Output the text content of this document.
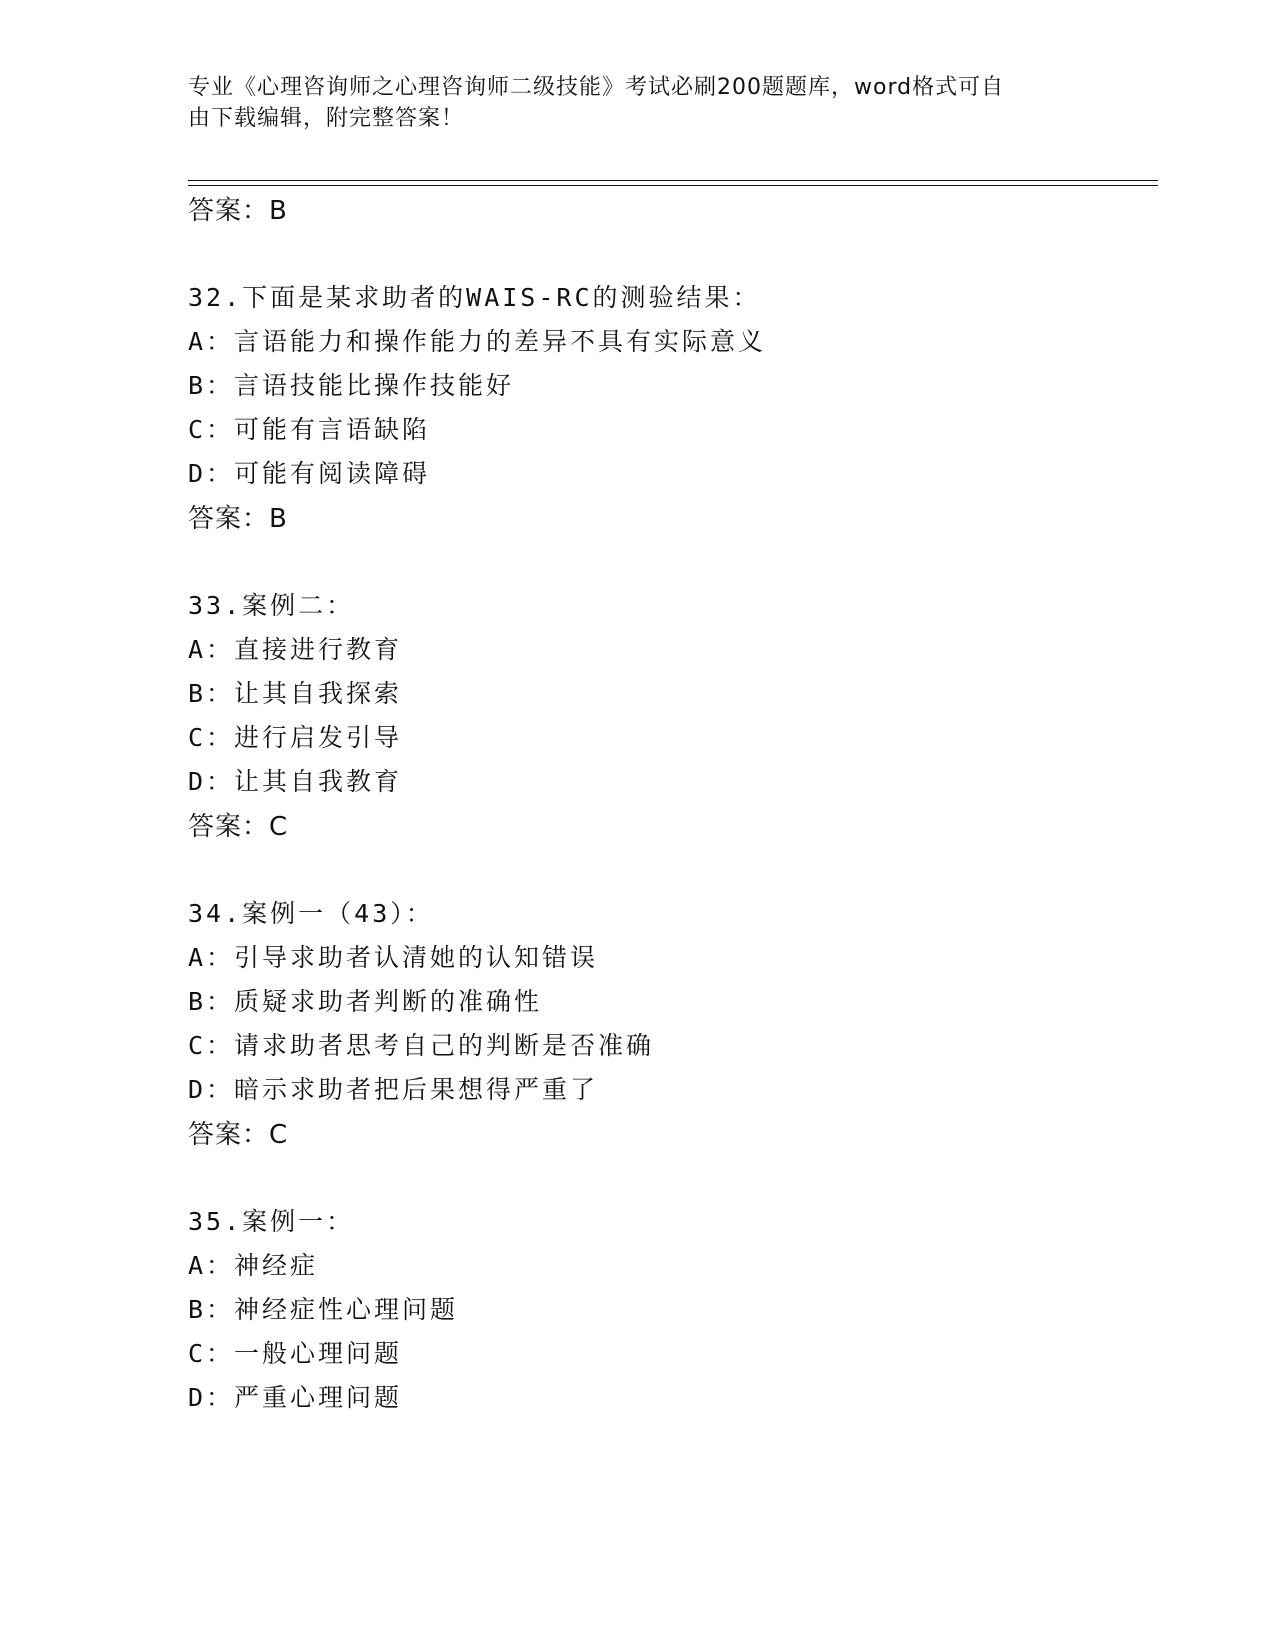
专业《心理咨询师之心理咨询师二级技能》考试必刷200题题库，word格式可自
由下载编辑，附完整答案！
答案：B
32.下面是某求助者的WAIS-RC的测验结果：
A：言语能力和操作能力的差异不具有实际意义
B：言语技能比操作技能好
C：可能有言语缺陷
D：可能有阅读障碍
答案：B
33.案例二：
A：直接进行教育
B：让其自我探索
C：进行启发引导
D：让其自我教育
答案：C
34.案例一（43）：
A：引导求助者认清她的认知错误
B：质疑求助者判断的准确性
C：请求助者思考自己的判断是否准确
D：暗示求助者把后果想得严重了
答案：C
35.案例一：
A：神经症
B：神经症性心理问题
C：一般心理问题
D：严重心理问题
